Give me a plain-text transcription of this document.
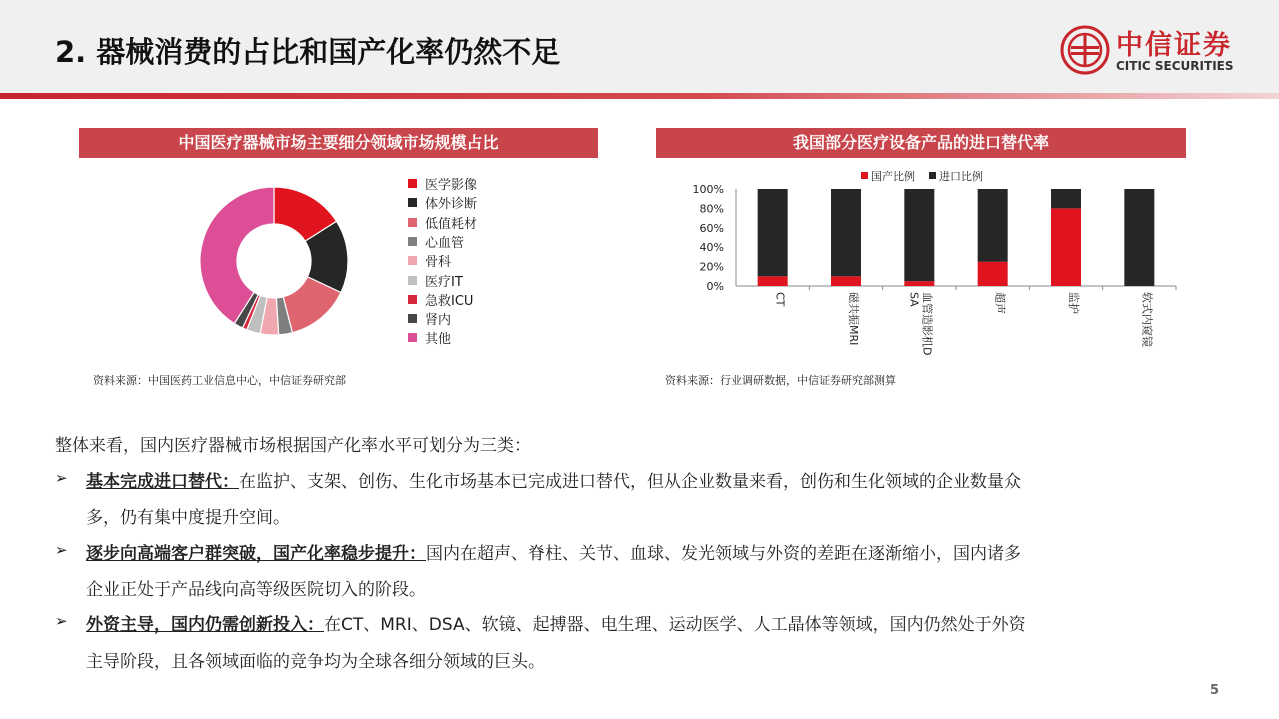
2. 器械消费的占比和国产化率仍然不足	中信证券
CITIC SECURITIES
中国医疗器械市场主要细分领域市场规模占比	我国部分医疗设备产品的进口替代率
医学影像
体外诊断
低值耗材
心血管
骨科
医疗IT
急救ICU
肾内
其他
100%
80%
60%
40%
20%
0%
CT	磁共振MRI	血管造影机D
SA	超声	监护	软式内窥镜
国产比例 进口比例
资料来源：中国医药工业信息中心，中信证券研究部	资料来源：行业调研数据，中信证券研究部测算
整体来看，国内医疗器械市场根据国产化率水平可划分为三类：
➢ 基本完成进口替代：在监护、支架、创伤、生化市场基本已完成进口替代，但从企业数量来看，创伤和生化领域的企业数量众
多，仍有集中度提升空间。
➢ 逐步向高端客户群突破，国产化率稳步提升：国内在超声、脊柱、关节、血球、发光领域与外资的差距在逐渐缩小，国内诸多
企业正处于产品线向高等级医院切入的阶段。
➢ 外资主导，国内仍需创新投入：在CT、MRI、DSA、软镜、起搏器、电生理、运动医学、人工晶体等领域，国内仍然处于外资
主导阶段，且各领域面临的竞争均为全球各细分领域的巨头。
5
